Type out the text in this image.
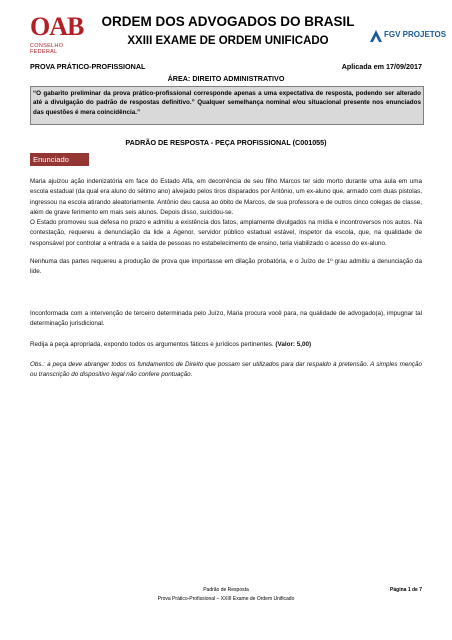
OAB
CONSELHO FEDERAL
ORDEM DOS ADVOGADOS DO BRASIL
XXIII EXAME DE ORDEM UNIFICADO
FGV PROJETOS
PROVA PRÁTICO-PROFISSIONAL	Aplicada em 17/09/2017
ÁREA: DIREITO ADMINISTRATIVO
“O gabarito preliminar da prova prático-profissional corresponde apenas a uma expectativa de resposta, podendo ser alterado até a divulgação do padrão de respostas definitivo.” Qualquer semelhança nominal e/ou situacional presente nos enunciados das questões é mera coincidência.”
PADRÃO DE RESPOSTA - PEÇA PROFISSIONAL (C001055)
Enunciado

Maria ajuizou ação indenizatória em face do Estado Alfa, em decorrência de seu filho Marcos ter sido morto durante uma aula em uma escola estadual (da qual era aluno do sétimo ano) alvejado pelos tiros disparados por Antônio, um ex-aluno que, armado com duas pistolas, ingressou na escola atirando aleatoriamente. Antônio deu causa ao óbito de Marcos, de sua professora e de outros cinco colegas de classe, além de grave ferimento em mais seis alunos. Depois disso, suicidou-se.

O Estado promoveu sua defesa no prazo e admitiu a existência dos fatos, amplamente divulgados na mídia e incontroversos nos autos. Na contestação, requereu a denunciação da lide a Agenor, servidor público estadual estável, inspetor da escola, que, na qualidade de responsável por controlar a entrada e a saída de pessoas no estabelecimento de ensino, teria viabilizado o acesso do ex-aluno.

Nenhuma das partes requereu a produção de prova que importasse em dilação probatória, e o Juízo de 1º grau admitiu a denunciação da lide.
Inconformada com a intervenção de terceiro determinada pelo Juízo, Maria procura você para, na qualidade de advogado(a), impugnar tal determinação jurisdicional.
Redija a peça apropriada, expondo todos os argumentos fáticos e jurídicos pertinentes. (Valor: 5,00)
Obs.: a peça deve abranger todos os fundamentos de Direito que possam ser utilizados para dar respaldo à pretensão. A simples menção ou transcrição do dispositivo legal não confere pontuação.
Padrão de Resposta
Prova Prático-Profissional – XXIII Exame de Ordem Unificado
Página 1 de 7
